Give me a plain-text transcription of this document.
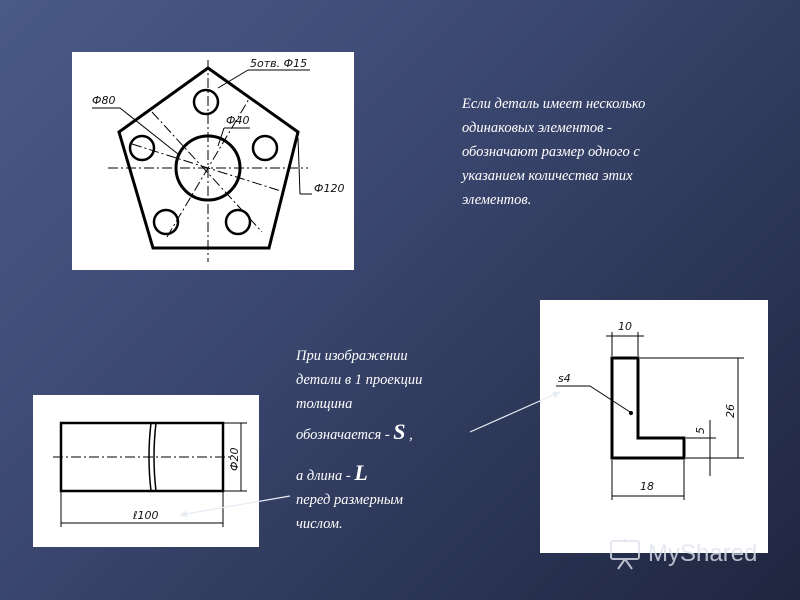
5отв. Ф15
Ф80
Ф40
Ф120
Ф20
ℓ100
10
s4
5
26
18
Если деталь имеет несколько
одинаковых элементов -
обозначают размер одного с
указанием количества этих
элементов.
При изображении
детали в 1 проекции
толщина
обозначается - S ,
а длина - L
перед размерным
числом.
MyShared
